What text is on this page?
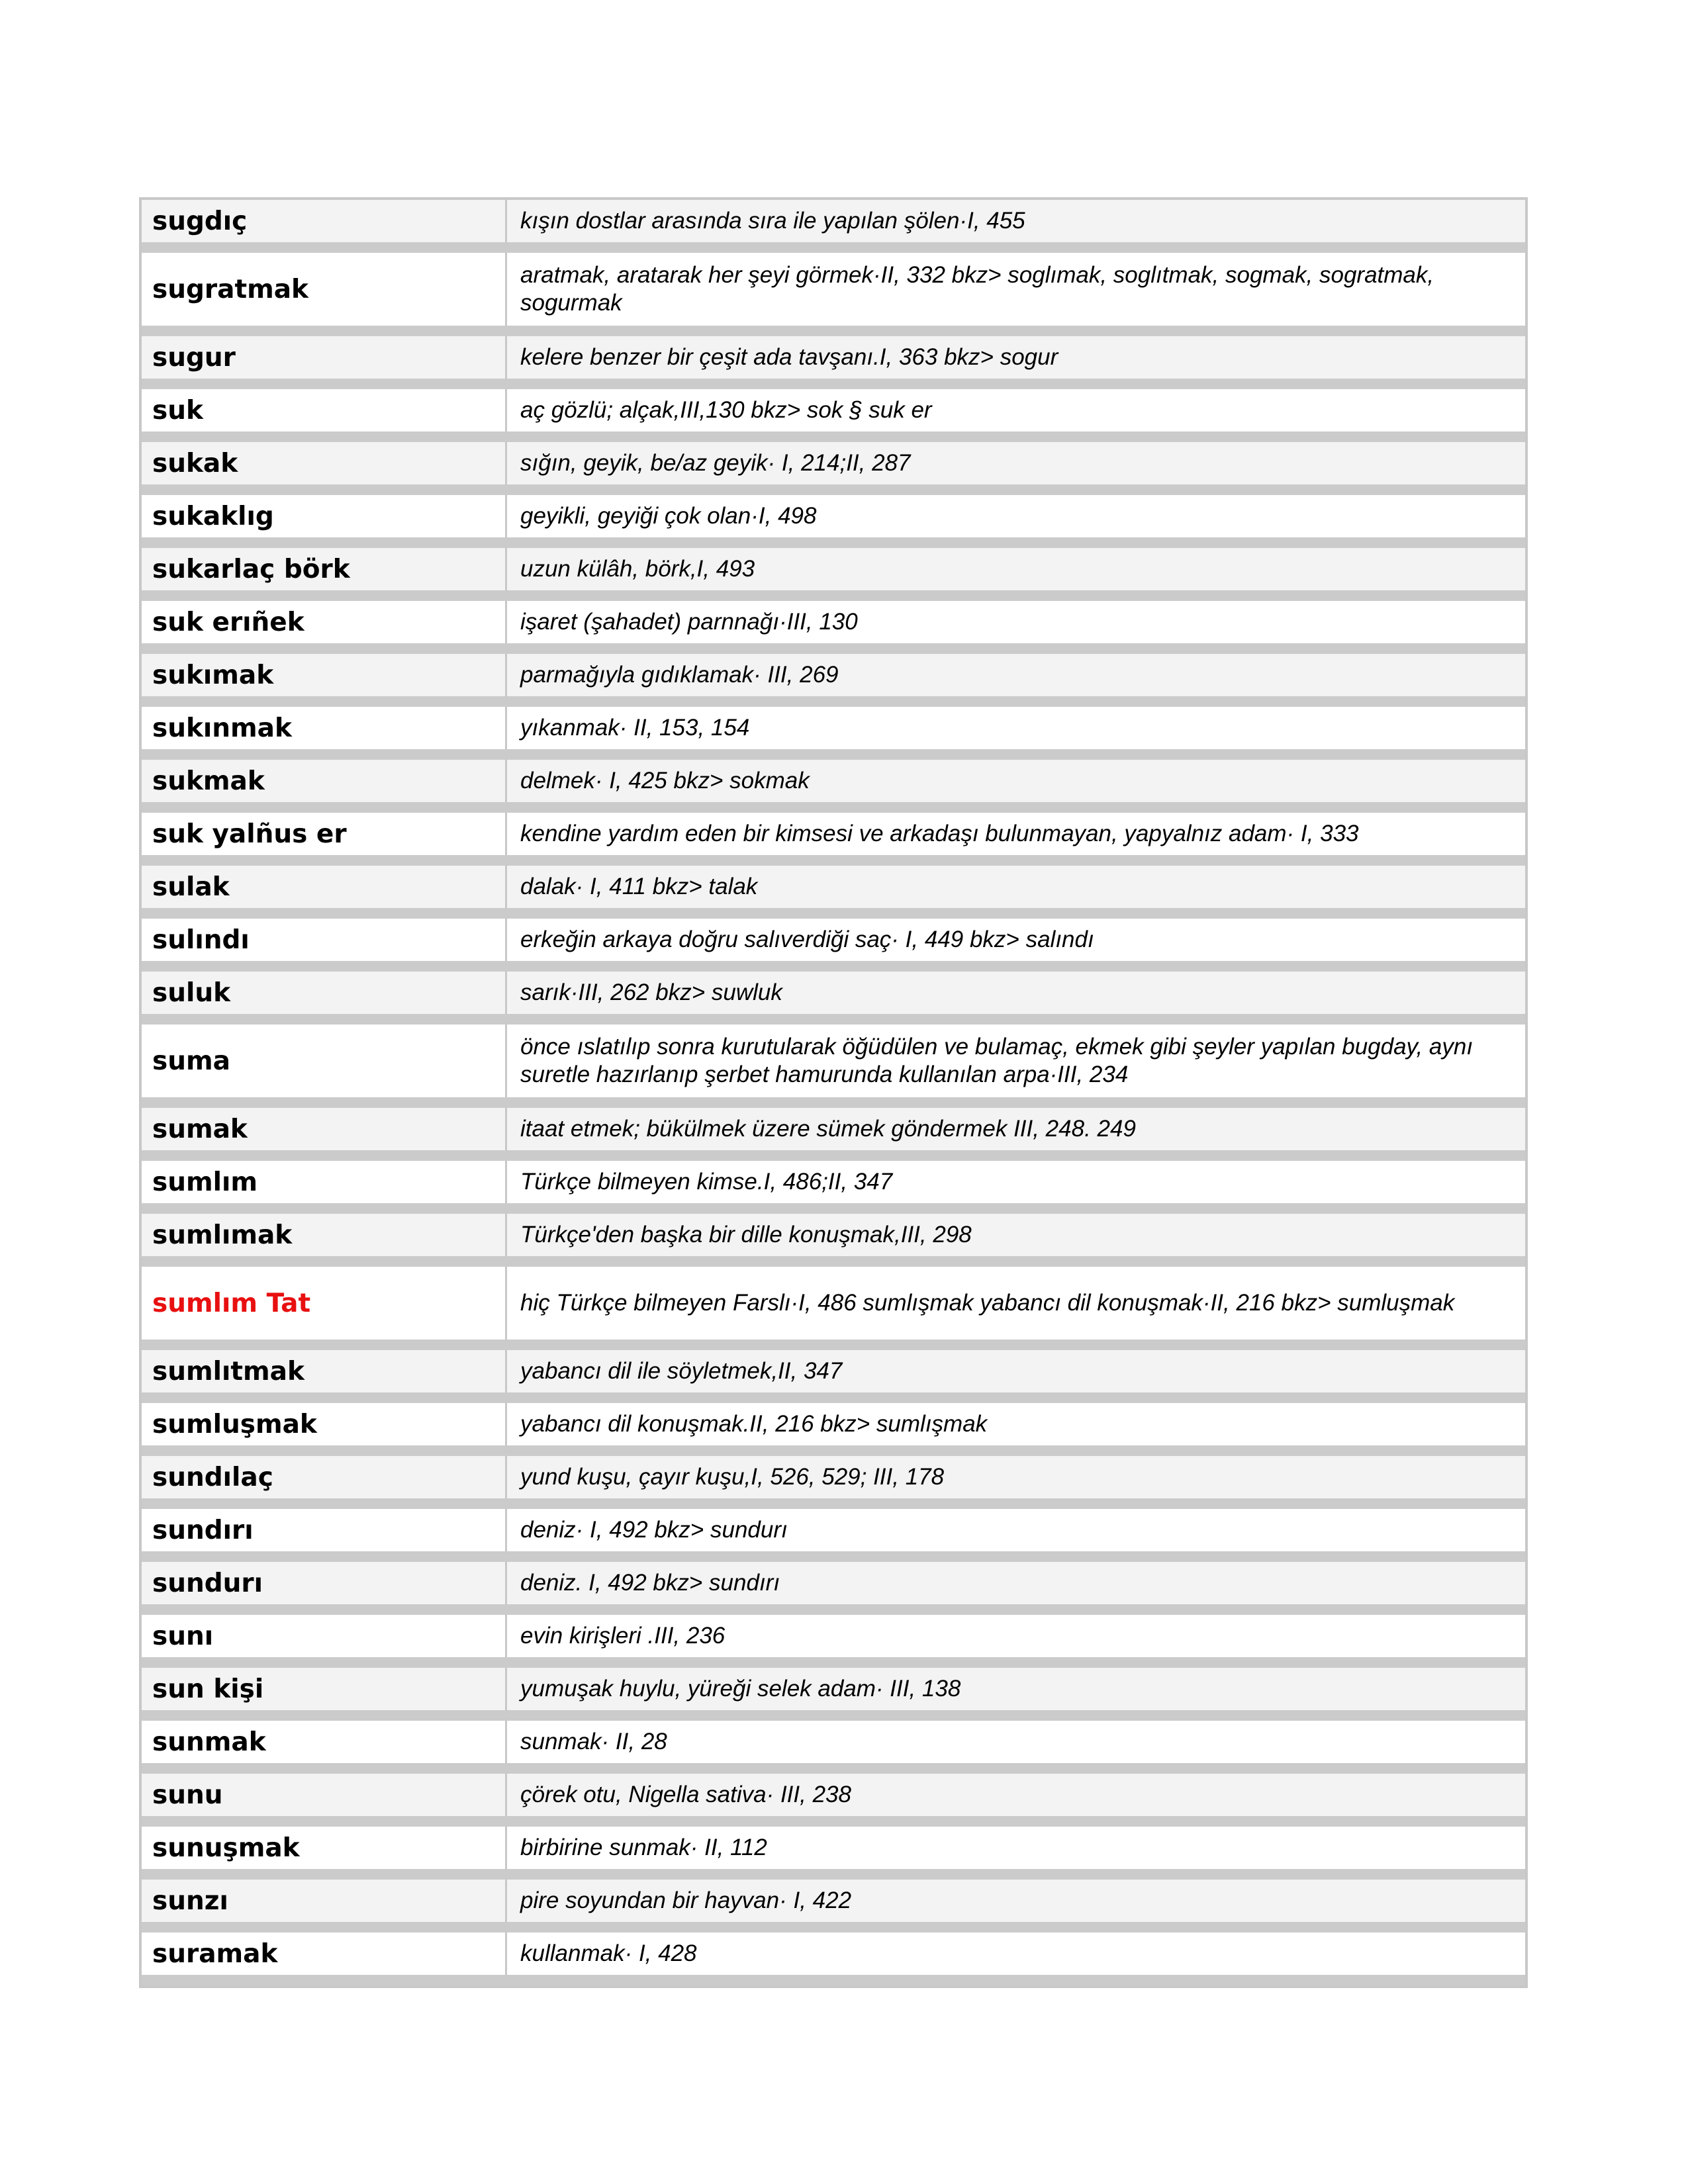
sugdıç	kışın dostlar arasında sıra ile yapılan şölen·I, 455
sugratmak	aratmak, aratarak her şeyi görmek·II, 332 bkz> soglımak, soglıtmak, sogmak, sogratmak, sogurmak
sugur	kelere benzer bir çeşit ada tavşanı.I, 363 bkz> sogur
suk	aç gözlü; alçak,III,130 bkz> sok § suk er
sukak	sığın, geyik, be/az geyik· I, 214;II, 287
sukaklıg	geyikli, geyiği çok olan·I, 498
sukarlaç börk	uzun külâh, börk,I, 493
suk erıñek	işaret (şahadet) parnnağı·III, 130
sukımak	parmağıyla gıdıklamak· III, 269
sukınmak	yıkanmak· II, 153, 154
sukmak	delmek· I, 425 bkz> sokmak
suk yalñus er	kendine yardım eden bir kimsesi ve arkadaşı bulunmayan, yapyalnız adam· I, 333
sulak	dalak· I, 411 bkz> talak
sulındı	erkeğin arkaya doğru salıverdiği saç· I, 449 bkz> salındı
suluk	sarık·III, 262 bkz> suwluk
suma	önce ıslatılıp sonra kurutularak öğüdülen ve bulamaç, ekmek gibi şeyler yapılan bugday, aynı suretle hazırlanıp şerbet hamurunda kullanılan arpa·III, 234
sumak	itaat etmek; bükülmek üzere sümek göndermek III, 248. 249
sumlım	Türkçe bilmeyen kimse.I, 486;II, 347
sumlımak	Türkçe'den başka bir dille konuşmak,III, 298
sumlım Tat	hiç Türkçe bilmeyen Farslı·I, 486 sumlışmak yabancı dil konuşmak·II, 216 bkz> sumluşmak
sumlıtmak	yabancı dil ile söyletmek,II, 347
sumluşmak	yabancı dil konuşmak.II, 216 bkz> sumlışmak
sundılaç	yund kuşu, çayır kuşu,I, 526, 529; III, 178
sundırı	deniz· I, 492 bkz> sundurı
sundurı	deniz. I, 492 bkz> sundırı
sunı	evin kirişleri .III, 236
sun kişi	yumuşak huylu, yüreği selek adam· III, 138
sunmak	sunmak· II, 28
sunu	çörek otu, Nigella sativa· III, 238
sunuşmak	birbirine sunmak· II, 112
sunzı	pire soyundan bir hayvan· I, 422
suramak	kullanmak· I, 428
